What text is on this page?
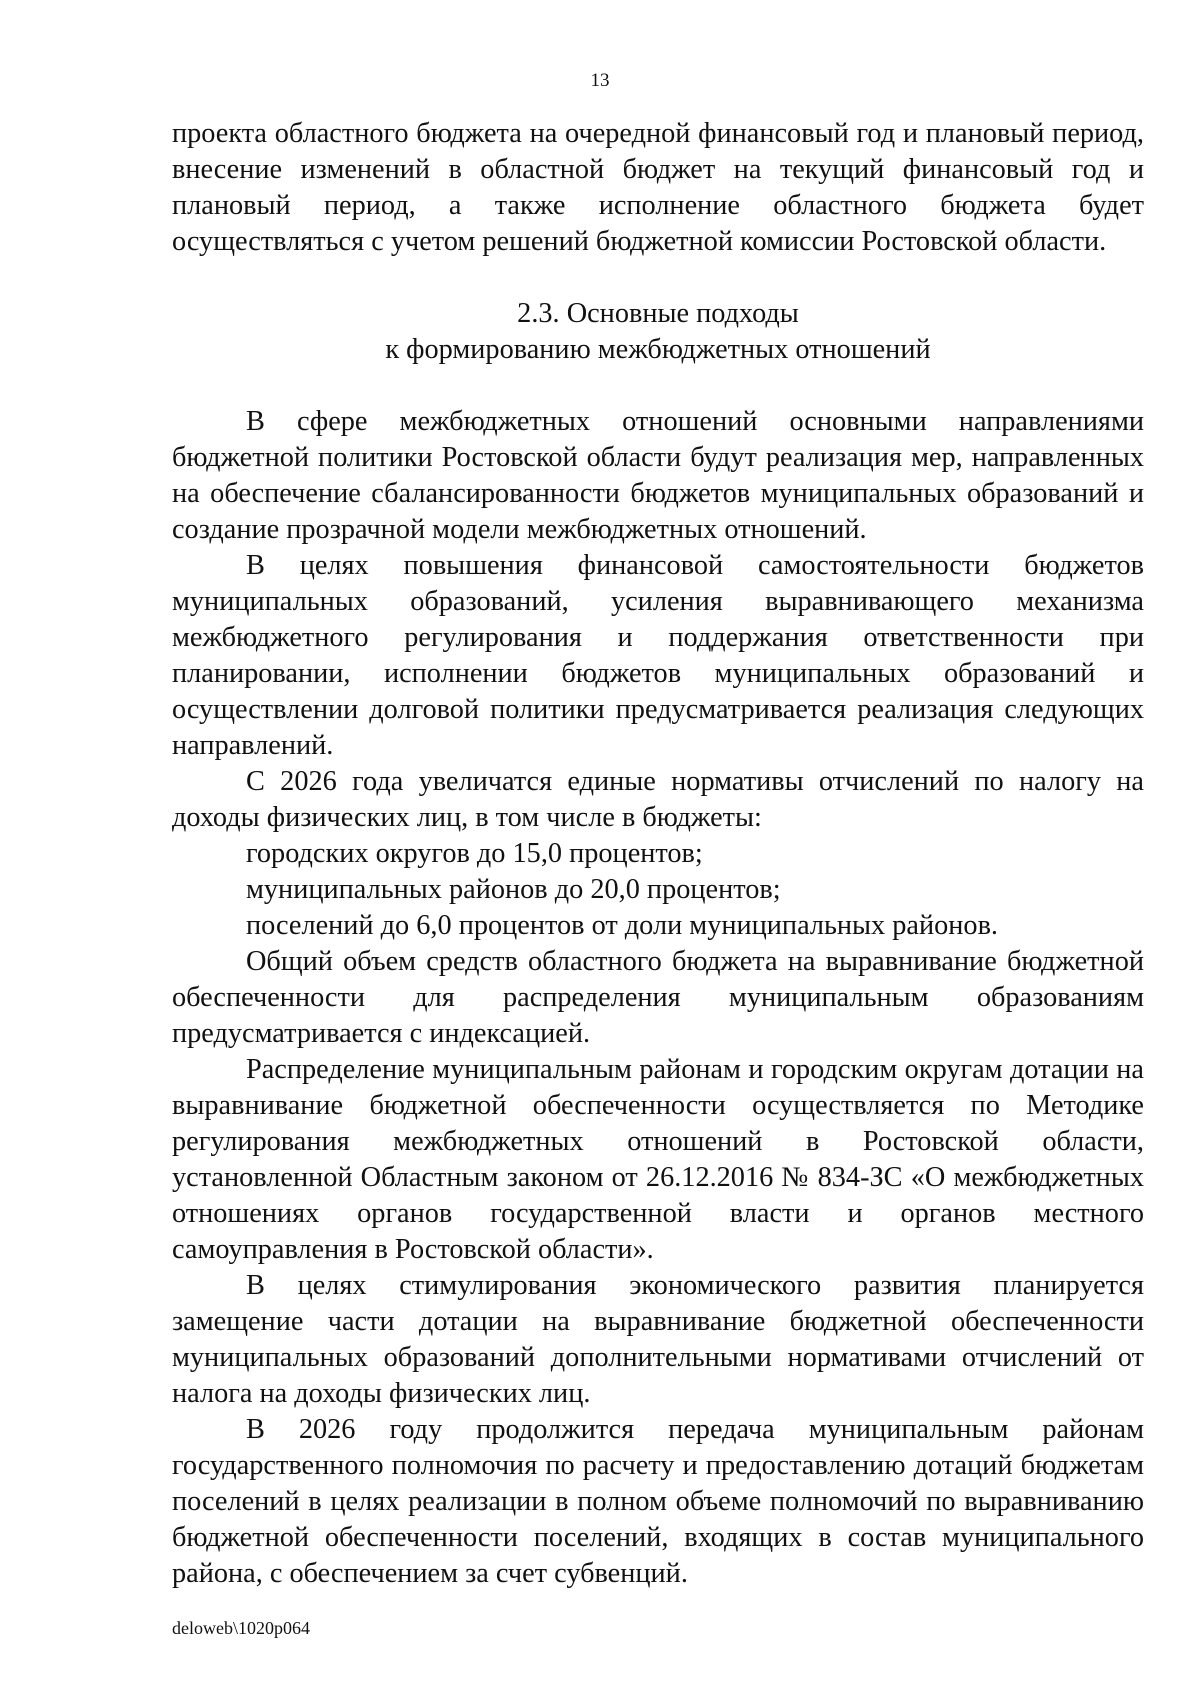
13

проекта областного бюджета на очередной финансовый год и плановый период, внесение изменений в областной бюджет на текущий финансовый год и плановый период, а также исполнение областного бюджета будет осуществляться с учетом решений бюджетной комиссии Ростовской области.

2.3. Основные подходы
к формированию межбюджетных отношений

В сфере межбюджетных отношений основными направлениями бюджетной политики Ростовской области будут реализация мер, направленных на обеспечение сбалансированности бюджетов муниципальных образований и создание прозрачной модели межбюджетных отношений.

В целях повышения финансовой самостоятельности бюджетов муниципальных образований, усиления выравнивающего механизма межбюджетного регулирования и поддержания ответственности при планировании, исполнении бюджетов муниципальных образований и осуществлении долговой политики предусматривается реализация следующих направлений.

С 2026 года увеличатся единые нормативы отчислений по налогу на доходы физических лиц, в том числе в бюджеты:

городских округов до 15,0 процентов;

муниципальных районов до 20,0 процентов;

поселений до 6,0 процентов от доли муниципальных районов.

Общий объем средств областного бюджета на выравнивание бюджетной обеспеченности для распределения муниципальным образованиям предусматривается с индексацией.

Распределение муниципальным районам и городским округам дотации на выравнивание бюджетной обеспеченности осуществляется по Методике регулирования межбюджетных отношений в Ростовской области, установленной Областным законом от 26.12.2016 № 834-ЗС «О межбюджетных отношениях органов государственной власти и органов местного самоуправления в Ростовской области».

В целях стимулирования экономического развития планируется замещение части дотации на выравнивание бюджетной обеспеченности муниципальных образований дополнительными нормативами отчислений от налога на доходы физических лиц.

В 2026 году продолжится передача муниципальным районам государственного полномочия по расчету и предоставлению дотаций бюджетам поселений в целях реализации в полном объеме полномочий по выравниванию бюджетной обеспеченности поселений, входящих в состав муниципального района, с обеспечением за счет субвенций.

deloweb\1020p064
